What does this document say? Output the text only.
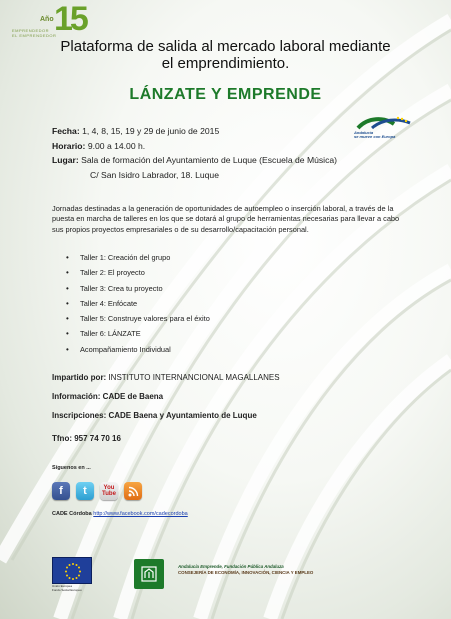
Año 15
EMPRENDEDOR
EL EMPRENDEDOR
Plataforma de salida al mercado laboral mediante
el emprendimiento.
LÁNZATE Y EMPRENDE
Andalucía
se mueve con Europa
Fecha: 1, 4, 8, 15, 19 y 29 de junio de 2015
Horario: 9.00 a 14.00 h.
Lugar: Sala de formación del Ayuntamiento de Luque (Escuela de Música)
C/ San Isidro Labrador, 18. Luque

Jornadas destinadas a la generación de oportunidades de autoempleo o inserción laboral, a través de la puesta en marcha de talleres en los que se dotará al grupo de herramientas necesarias para llevar a cabo sus propios proyectos empresariales o de su desarrollo/capacitación personal.

• Taller 1: Creación del grupo
• Taller 2: El proyecto
• Taller 3: Crea tu proyecto
• Taller 4: Enfócate
• Taller 5: Construye valores para el éxito
• Taller 6: LÁNZATE
• Acompañamiento Individual
Impartido por: INSTITUTO INTERNANCIONAL MAGALLANES
Información: CADE de Baena
Inscripciones: CADE Baena y Ayuntamiento de Luque
Tfno: 957 74 70 16
Síguenos en ...
f	t	You
Tube
CADE Córdoba http://www.facebook.com/cadecordoba
Unión Europea
Fondo Social Europeo
Andalucía Emprende, Fundación Pública Andaluza
CONSEJERÍA DE ECONOMÍA, INNOVACIÓN, CIENCIA Y EMPLEO
